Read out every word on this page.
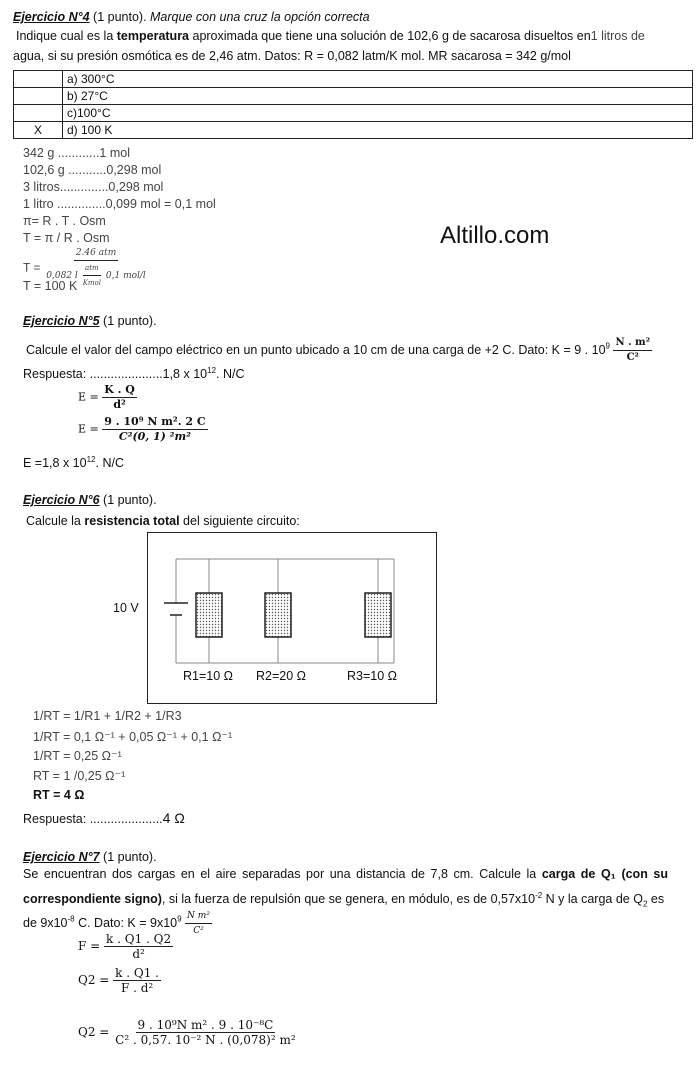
Ejercicio N°4 (1 punto). Marque con una cruz la opción correcta
Indique cual es la temperatura aproximada que tiene una solución de 102,6 g de sacarosa disueltos en1 litros de
agua, si su presión osmótica es de 2,46 atm. Datos: R = 0,082 latm/K mol. MR sacarosa = 342 g/mol
	a) 300°C
	b) 27°C
	c)100°C
X	d) 100 K
342 g ............1 mol
102,6 g ...........0,298 mol
3 litros..............0,298 mol
1 litro ..............0,099 mol = 0,1 mol
π= R . T . Osm
T = π / R . Osm
$T = \frac{\text{2.46 atm}}{0,082 l \frac{\text{atm}}{\text{Kmol}} 0,1 mol/l}$
T = 100 K
Altillo.com
Ejercicio N°5 (1 punto).
Calcule el valor del campo eléctrico en un punto ubicado a 10 cm de una carga de +2 C. Dato: K = 9 . $10^9 \frac{\text{N . m²}}{\text{C²}}$
Respuesta: .....................1,8 x $10^{12}$. N/C
$E = \frac{K . Q}{\text{d²}}$
$E = \frac{\text{9 . 10⁹ N m². 2 C}}{\text{C²(0, 1) ²m²}}$
E =1,8 x $10^{12}$. N/C
Ejercicio N°6 (1 punto).
Calcule la resistencia total del siguiente circuito:
10 V
R1=10 Ω R2=20 Ω	R3=10 Ω
1/RT = 1/R1 + 1/R2 + 1/R3
1/RT = 0,1 Ω⁻¹ + 0,05 Ω⁻¹ + 0,1 Ω⁻¹
1/RT = 0,25 Ω⁻¹
RT = 1 /0,25 Ω⁻¹
RT = 4 Ω
Respuesta: .....................4 Ω
Ejercicio N°7 (1 punto).
Se encuentran dos cargas en el aire separadas por una distancia de 7,8 cm. Calcule la carga de Q₁ (con su correspondiente signo), si la fuerza de repulsión que se genera, en módulo, es de $0,57x10^{-2}$ N y la carga de $Q_2$ es
de $9x10^{-8}$ C. Dato: $K = 9x10^9 \frac{\text{N m²}}{\text{C²}}$
$F = \frac{k . Q1 . Q2}{\text{d²}}$
$Q2 = \frac{k . Q1 .}{\text{F . d²}}$
$Q2 = \frac{\text{9 . 10⁹N m² . 9 . 10⁻⁸C}}{\text{C² . 0,57. 10⁻² N . (0,078)² m²}}$
